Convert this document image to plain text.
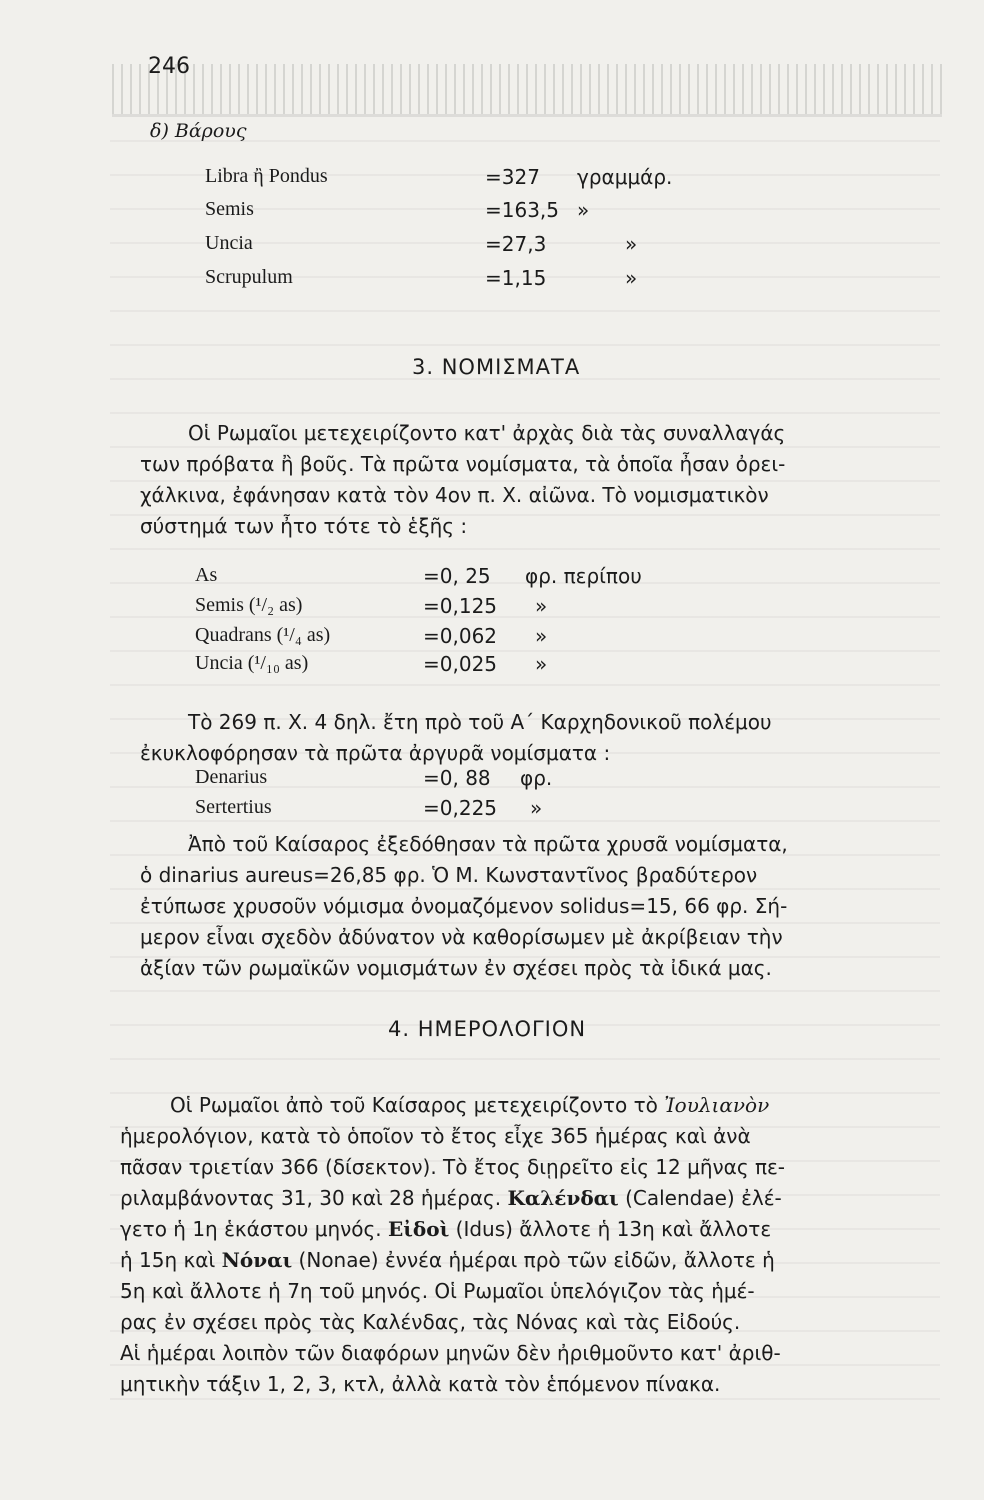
246
δ) Βάρους
Libra ἢ Pondus	=327 γραμμάρ.
Semis	=163,5 »
Uncia	=27,3	»
Scrupulum	=1,15	»
3. ΝΟΜΙΣΜΑΤΑ
Οἱ Ρωμαῖοι μετεχειρίζοντο κατ' ἀρχὰς διὰ τὰς συναλλαγάς
των πρόβατα ἢ βοῦς. Τὰ πρῶτα νομίσματα, τὰ ὁποῖα ἦσαν ὀρει-
χάλκινα, ἐφάνησαν κατὰ τὸν 4ον π. Χ. αἰῶνα. Τὸ νομισματικὸν
σύστημά των ἦτο τότε τὸ ἑξῆς :
As	=0, 25 φρ. περίπου
Semis (¹/₂ as)	=0,125 »
Quadrans (¹/₄ as)	=0,062 »
Uncia (¹/₁₀ as)	=0,025 »
Τὸ 269 π. Χ. 4 δηλ. ἔτη πρὸ τοῦ Α΄ Καρχηδονικοῦ πολέμου
ἐκυκλοφόρησαν τὰ πρῶτα ἀργυρᾶ νομίσματα :
Denarius	=0, 88 φρ.
Sertertius	=0,225 »
Ἀπὸ τοῦ Καίσαρος ἐξεδόθησαν τὰ πρῶτα χρυσᾶ νομίσματα,
ὁ dinarius aureus=26,85 φρ. Ὁ Μ. Κωνσταντῖνος βραδύτερον
ἐτύπωσε χρυσοῦν νόμισμα ὀνομαζόμενον solidus=15, 66 φρ. Σή-
μερον εἶναι σχεδὸν ἀδύνατον νὰ καθορίσωμεν μὲ ἀκρίβειαν τὴν
ἀξίαν τῶν ρωμαϊκῶν νομισμάτων ἐν σχέσει πρὸς τὰ ἰδικά μας.
4. ΗΜΕΡΟΛΟΓΙΟΝ
Οἱ Ρωμαῖοι ἀπὸ τοῦ Καίσαρος μετεχειρίζοντο τὸ Ἰουλιανὸν
ἡμερολόγιον, κατὰ τὸ ὁποῖον τὸ ἔτος εἶχε 365 ἡμέρας καὶ ἀνὰ
πᾶσαν τριετίαν 366 (δίσεκτον). Τὸ ἔτος διῃρεῖτο εἰς 12 μῆνας πε-
ριλαμβάνοντας 31, 30 καὶ 28 ἡμέρας. Καλένδαι (Calendae) ἐλέ-
γετο ἡ 1η ἑκάστου μηνός. Εἰδοὶ (Idus) ἄλλοτε ἡ 13η καὶ ἄλλοτε
ἡ 15η καὶ Νόναι (Nonae) ἐννέα ἡμέραι πρὸ τῶν εἰδῶν, ἄλλοτε ἡ
5η καὶ ἄλλοτε ἡ 7η τοῦ μηνός. Οἱ Ρωμαῖοι ὑπελόγιζον τὰς ἡμέ-
ρας ἐν σχέσει πρὸς τὰς Καλένδας, τὰς Νόνας καὶ τὰς Εἰδούς.
Αἱ ἡμέραι λοιπὸν τῶν διαφόρων μηνῶν δὲν ἠριθμοῦντο κατ' ἀριθ-
μητικὴν τάξιν 1, 2, 3, κτλ, ἀλλὰ κατὰ τὸν ἑπόμενον πίνακα.
